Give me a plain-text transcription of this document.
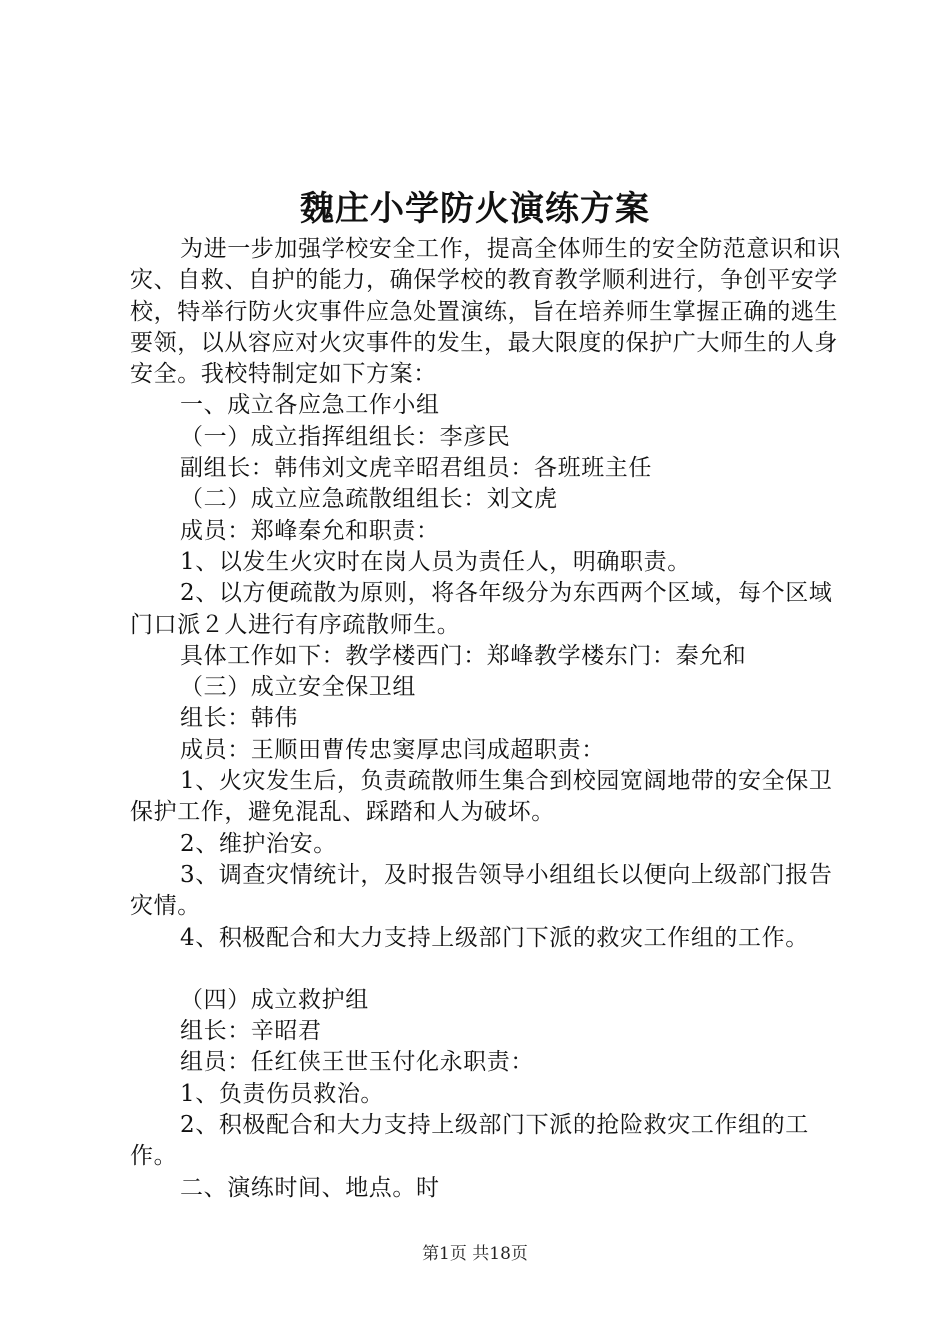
魏庄小学防火演练方案

为进一步加强学校安全工作，提高全体师生的安全防范意识和识灾、自救、自护的能力，确保学校的教育教学顺利进行，争创平安学校，特举行防火灾事件应急处置演练，旨在培养师生掌握正确的逃生要领，以从容应对火灾事件的发生，最大限度的保护广大师生的人身安全。我校特制定如下方案：

一、成立各应急工作小组

（一）成立指挥组组长：李彦民

副组长：韩伟刘文虎辛昭君组员：各班班主任

（二）成立应急疏散组组长：刘文虎

成员：郑峰秦允和职责：

1、以发生火灾时在岗人员为责任人，明确职责。

2、以方便疏散为原则，将各年级分为东西两个区域，每个区域门口派２人进行有序疏散师生。

具体工作如下：教学楼西门：郑峰教学楼东门：秦允和

（三）成立安全保卫组

组长：韩伟

成员：王顺田曹传忠窦厚忠闫成超职责：

1、火灾发生后，负责疏散师生集合到校园宽阔地带的安全保卫保护工作，避免混乱、踩踏和人为破坏。

2、维护治安。

3、调查灾情统计，及时报告领导小组组长以便向上级部门报告灾情。

4、积极配合和大力支持上级部门下派的救灾工作组的工作。

（四）成立救护组

组长：辛昭君

组员：任红侠王世玉付化永职责：

1、负责伤员救治。

2、积极配合和大力支持上级部门下派的抢险救灾工作组的工作。

二、演练时间、地点。时

第1页 共18页
